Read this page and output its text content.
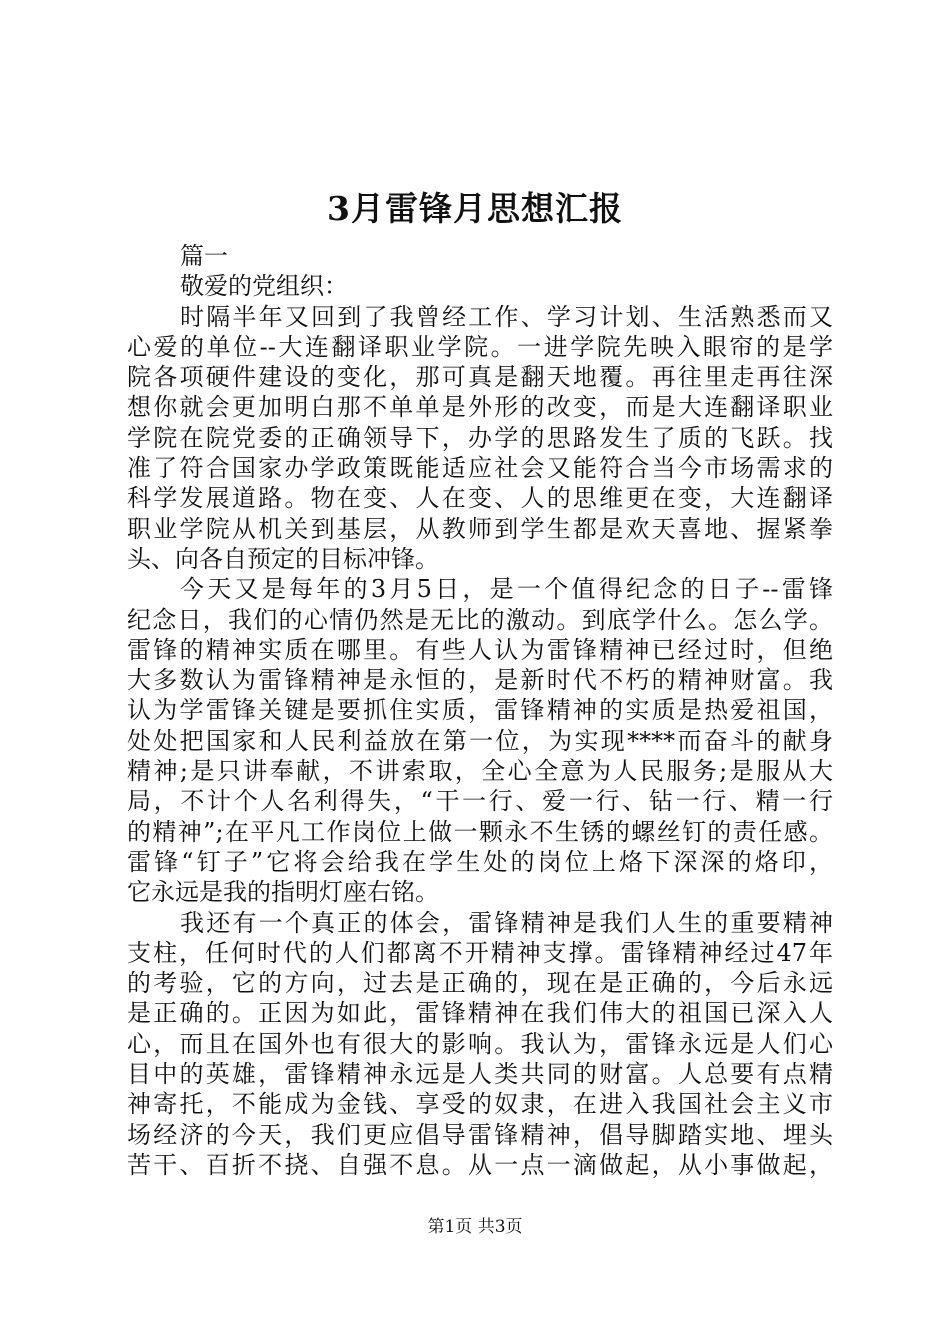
3月雷锋月思想汇报
篇一
敬爱的党组织：
时隔半年又回到了我曾经工作、学习计划、生活熟悉而又
心爱的单位--大连翻译职业学院。一进学院先映入眼帘的是学
院各项硬件建设的变化，那可真是翻天地覆。再往里走再往深
想你就会更加明白那不单单是外形的改变，而是大连翻译职业
学院在院党委的正确领导下，办学的思路发生了质的飞跃。找
准了符合国家办学政策既能适应社会又能符合当今市场需求的
科学发展道路。物在变、人在变、人的思维更在变，大连翻译
职业学院从机关到基层，从教师到学生都是欢天喜地、握紧拳
头、向各自预定的目标冲锋。
今天又是每年的3月5日，是一个值得纪念的日子--雷锋
纪念日，我们的心情仍然是无比的激动。到底学什么。怎么学。
雷锋的精神实质在哪里。有些人认为雷锋精神已经过时，但绝
大多数认为雷锋精神是永恒的，是新时代不朽的精神财富。我
认为学雷锋关键是要抓住实质，雷锋精神的实质是热爱祖国，
处处把国家和人民利益放在第一位，为实现****而奋斗的献身
精神;是只讲奉献，不讲索取，全心全意为人民服务;是服从大
局，不计个人名利得失，“干一行、爱一行、钻一行、精一行
的精神”;在平凡工作岗位上做一颗永不生锈的螺丝钉的责任感。
雷锋“钉子”它将会给我在学生处的岗位上烙下深深的烙印，
它永远是我的指明灯座右铭。
我还有一个真正的体会，雷锋精神是我们人生的重要精神
支柱，任何时代的人们都离不开精神支撑。雷锋精神经过47年
的考验，它的方向，过去是正确的，现在是正确的，今后永远
是正确的。正因为如此，雷锋精神在我们伟大的祖国已深入人
心，而且在国外也有很大的影响。我认为，雷锋永远是人们心
目中的英雄，雷锋精神永远是人类共同的财富。人总要有点精
神寄托，不能成为金钱、享受的奴隶，在进入我国社会主义市
场经济的今天，我们更应倡导雷锋精神，倡导脚踏实地、埋头
苦干、百折不挠、自强不息。从一点一滴做起，从小事做起，
第1页 共3页
